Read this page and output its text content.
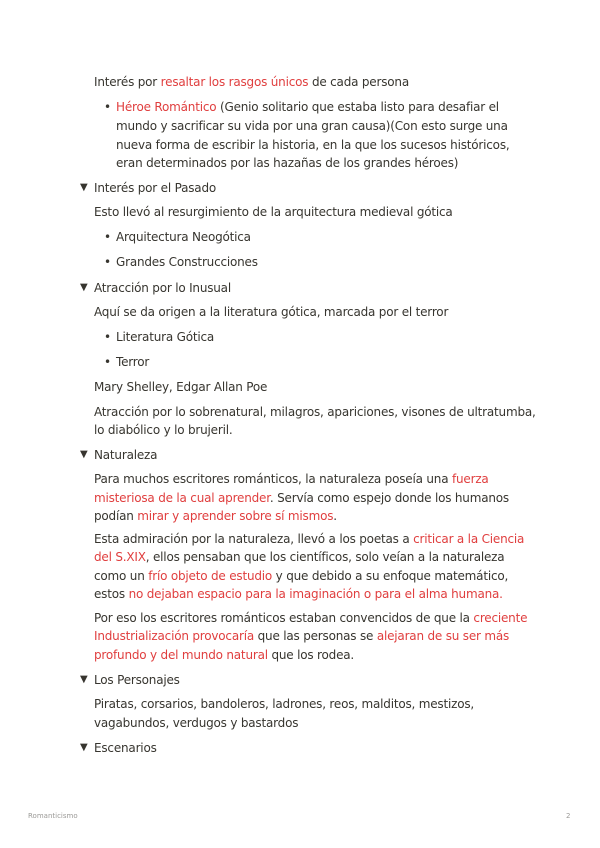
Interés por resaltar los rasgos únicos de cada persona

• Héroe Romántico (Genio solitario que estaba listo para desafiar el

mundo y sacrificar su vida por una gran causa)(Con esto surge una

nueva forma de escribir la historia, en la que los sucesos históricos,

eran determinados por las hazañas de los grandes héroes)

▼ Interés por el Pasado

Esto llevó al resurgimiento de la arquitectura medieval gótica

• Arquitectura Neogótica

• Grandes Construcciones

▼ Atracción por lo Inusual

Aquí se da origen a la literatura gótica, marcada por el terror

• Literatura Gótica

• Terror

Mary Shelley, Edgar Allan Poe

Atracción por lo sobrenatural, milagros, apariciones, visones de ultratumba,

lo diabólico y lo brujeril.

▼ Naturaleza

Para muchos escritores románticos, la naturaleza poseía una fuerza

misteriosa de la cual aprender. Servía como espejo donde los humanos

podían mirar y aprender sobre sí mismos.

Esta admiración por la naturaleza, llevó a los poetas a criticar a la Ciencia

del S.XIX, ellos pensaban que los científicos, solo veían a la naturaleza

como un frío objeto de estudio y que debido a su enfoque matemático,

estos no dejaban espacio para la imaginación o para el alma humana.

Por eso los escritores románticos estaban convencidos de que la creciente

Industrialización provocaría que las personas se alejaran de su ser más

profundo y del mundo natural que los rodea.

▼ Los Personajes

Piratas, corsarios, bandoleros, ladrones, reos, malditos, mestizos,

vagabundos, verdugos y bastardos

▼ Escenarios

Romanticismo	2
